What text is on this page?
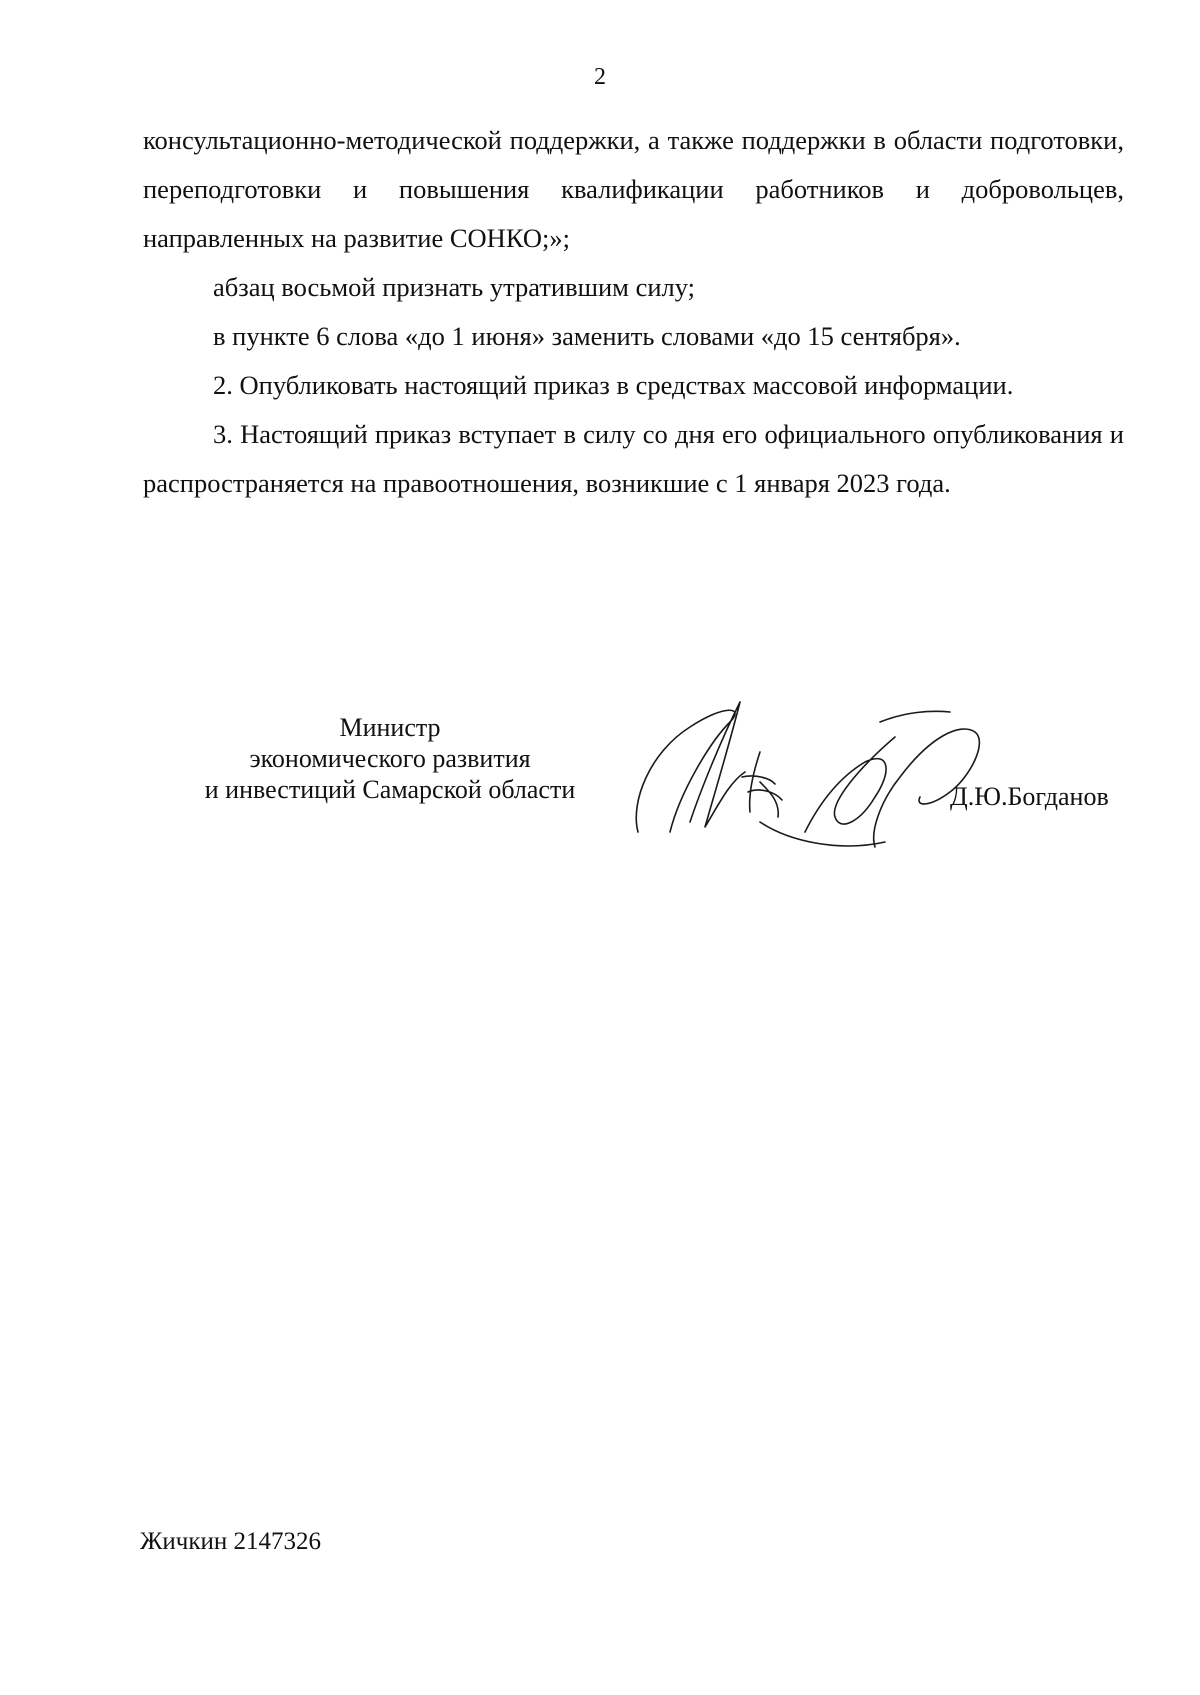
2

консультационно-методической поддержки, а также поддержки в области подготовки, переподготовки и повышения квалификации работников и добровольцев, направленных на развитие СОНКО;»;

абзац восьмой признать утратившим силу;

в пункте 6 слова «до 1 июня» заменить словами «до 15 сентября».

2. Опубликовать настоящий приказ в средствах массовой информации.

3. Настоящий приказ вступает в силу со дня его официального опубликования и распространяется на правоотношения, возникшие с 1 января 2023 года.

Министр
экономического развития
и инвестиций Самарской области	Д.Ю.Богданов
Жичкин 2147326
